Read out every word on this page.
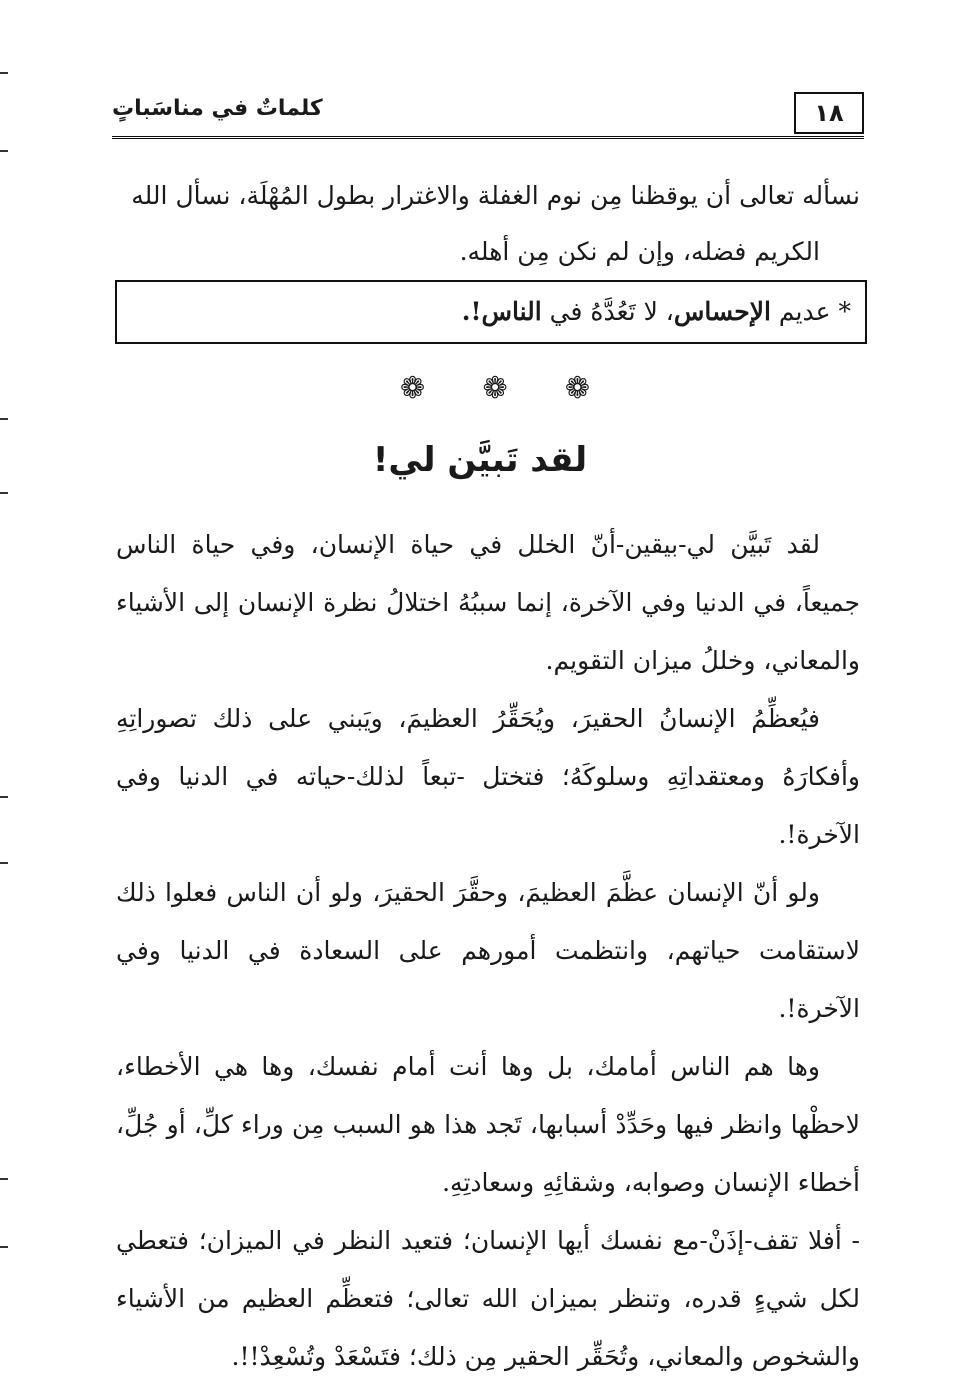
١٨
كلماتٌ في مناسَباتٍ
نسأله تعالى أن يوقظنا مِن نوم الغفلة والاغترار بطول المُهْلَة، نسأل الله
الكريم فضله، وإن لم نكن مِن أهله.
* عديم الإحساس، لا تَعُدَّهُ في الناس!.
❁
❁
❁
لقد تَبيَّن لي!

لقد تَبيَّن لي-بيقين-أنّ الخلل في حياة الإنسان، وفي حياة الناس جميعاً، في الدنيا وفي الآخرة، إنما سببُهُ اختلالُ نظرة الإنسان إلى الأشياء والمعاني، وخللُ ميزان التقويم.

فيُعظِّمُ الإنسانُ الحقيرَ، ويُحَقِّرُ العظيمَ، ويَبني على ذلك تصوراتِهِ وأفكارَهُ ومعتقداتِهِ وسلوكَهُ؛ فتختل -تبعاً لذلك-حياته في الدنيا وفي الآخرة!.

ولو أنّ الإنسان عظَّمَ العظيمَ، وحقَّرَ الحقيرَ، ولو أن الناس فعلوا ذلك لاستقامت حياتهم، وانتظمت أمورهم على السعادة في الدنيا وفي الآخرة!.

وها هم الناس أمامك، بل وها أنت أمام نفسك، وها هي الأخطاء، لاحظْها وانظر فيها وحَدِّدْ أسبابها، تَجد هذا هو السبب مِن وراء كلِّ، أو جُلِّ، أخطاء الإنسان وصوابه، وشقائِهِ وسعادتِهِ.

- أفلا تقف-إذَنْ-مع نفسك أيها الإنسان؛ فتعيد النظر في الميزان؛ فتعطي لكل شيءٍ قدره، وتنظر بميزان الله تعالى؛ فتعظِّم العظيم من الأشياء والشخوص والمعاني، وتُحَقِّر الحقير مِن ذلك؛ فتَسْعَدْ وتُسْعِدْ!!.
